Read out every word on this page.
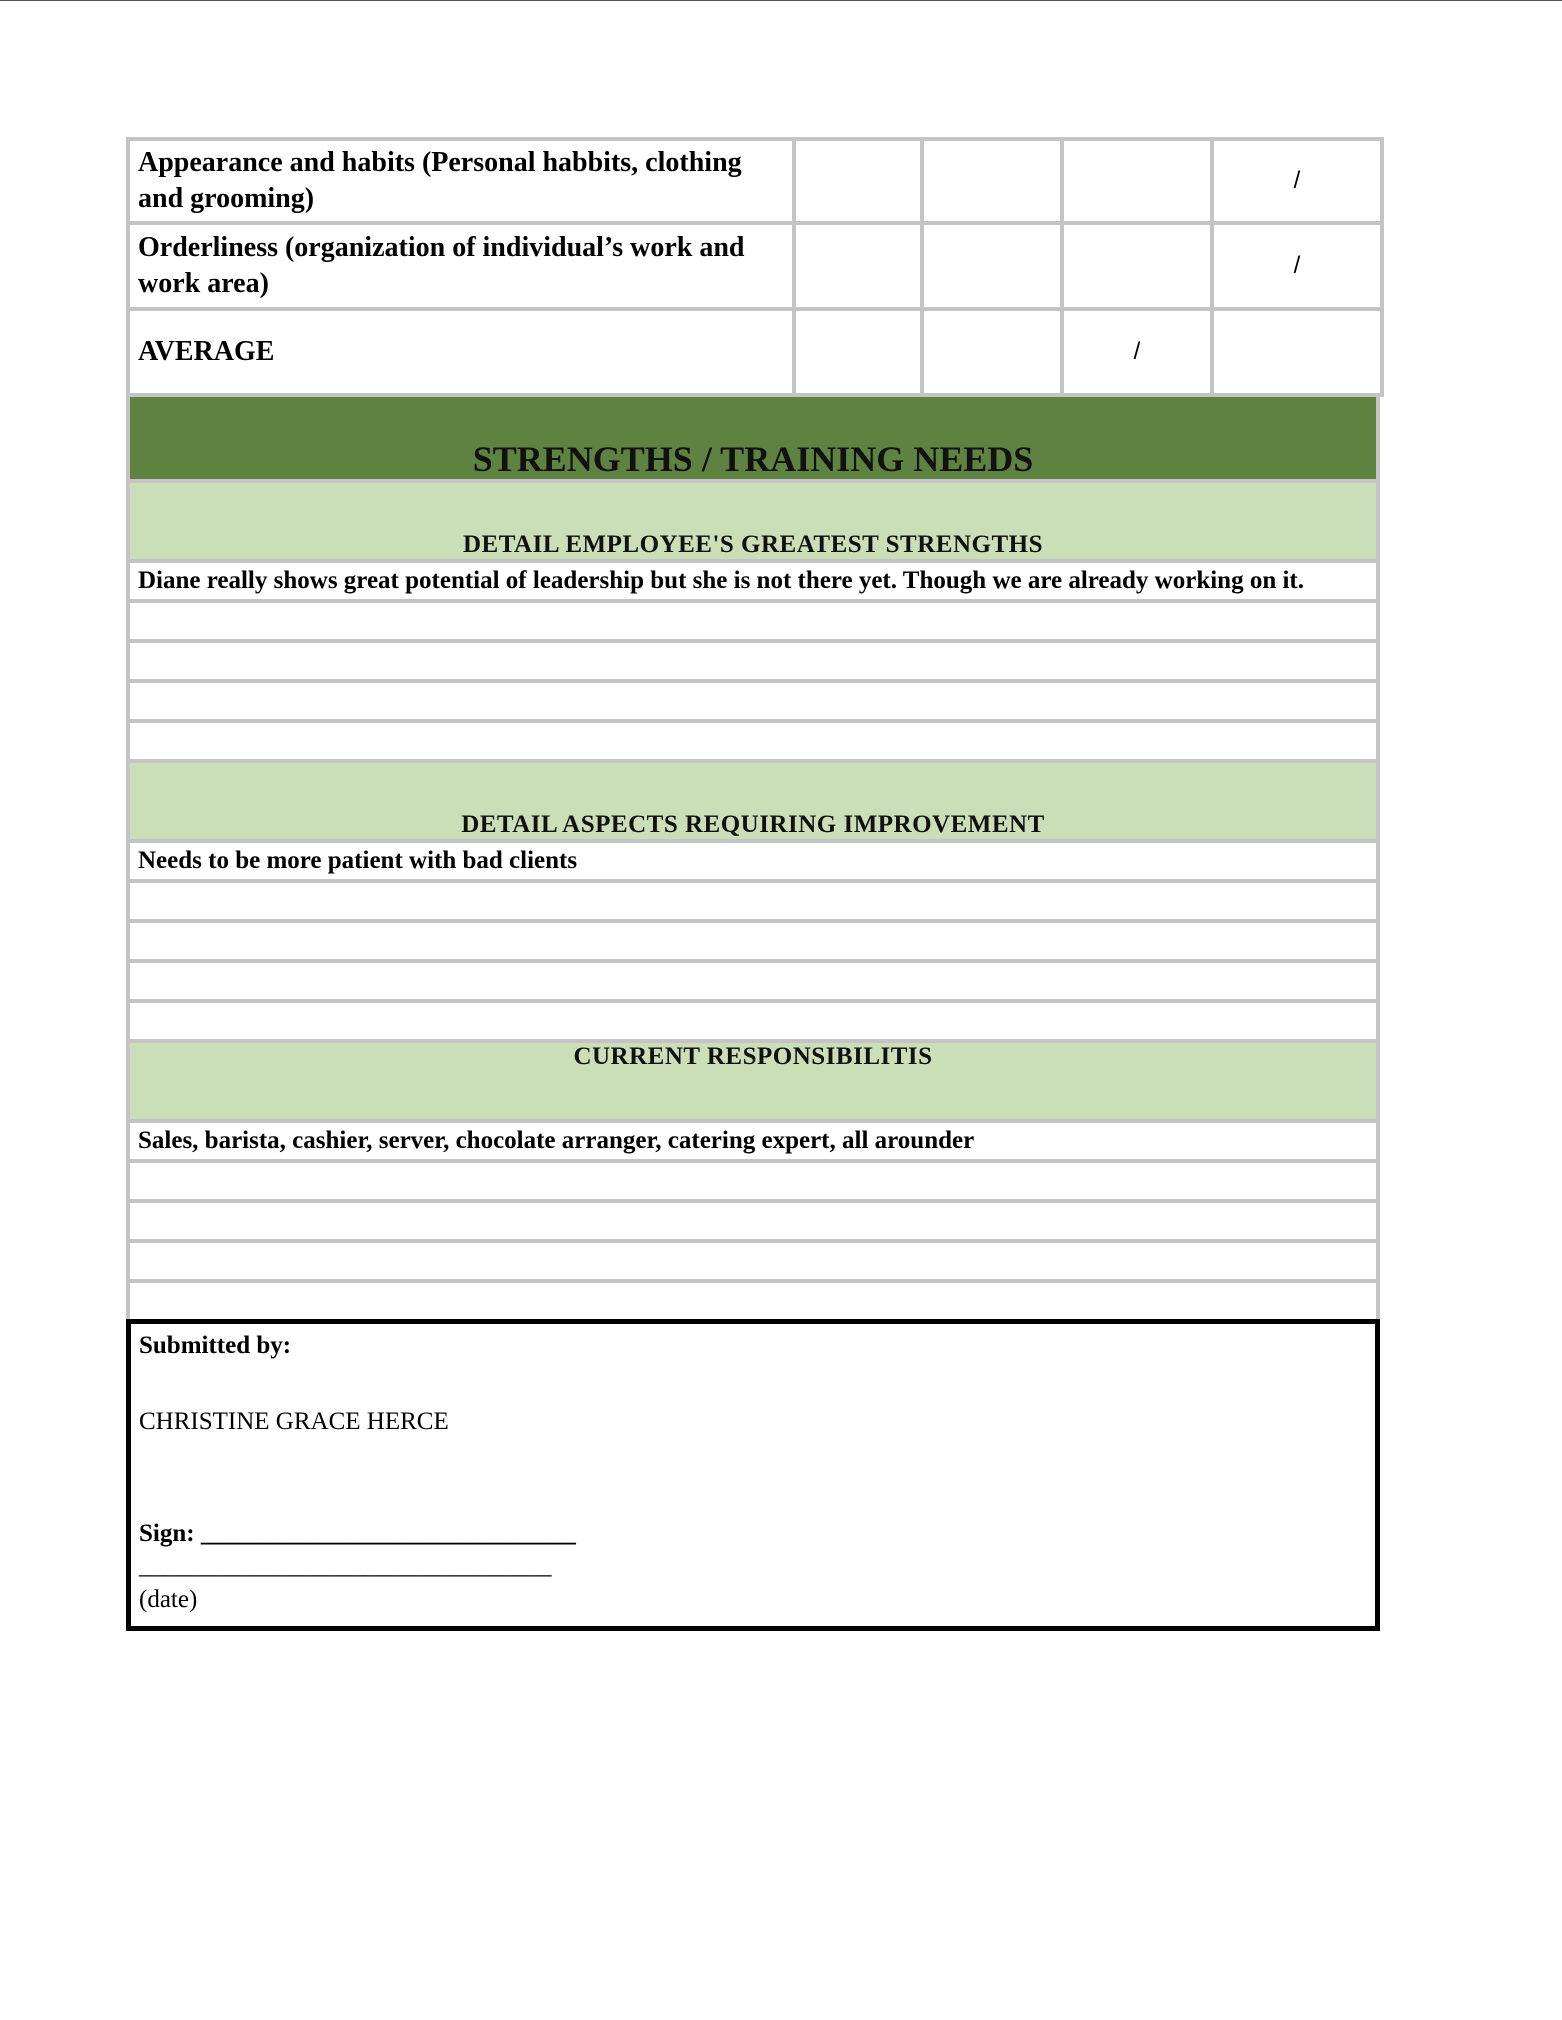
Appearance and habits (Personal habbits, clothing and grooming)				/
Orderliness (organization of individual’s work and work area)				/
AVERAGE			/	
STRENGTHS / TRAINING NEEDS
DETAIL EMPLOYEE'S GREATEST STRENGTHS
Diane really shows great potential of leadership but she is not there yet. Though we are already working on it.
DETAIL ASPECTS REQUIRING IMPROVEMENT
Needs to be more patient with bad clients
CURRENT RESPONSIBILITIS
Sales, barista, cashier, server, chocolate arranger, catering expert, all arounder
Submitted by:
CHRISTINE GRACE HERCE
Sign: ______________________________
_________________________________
(date)
